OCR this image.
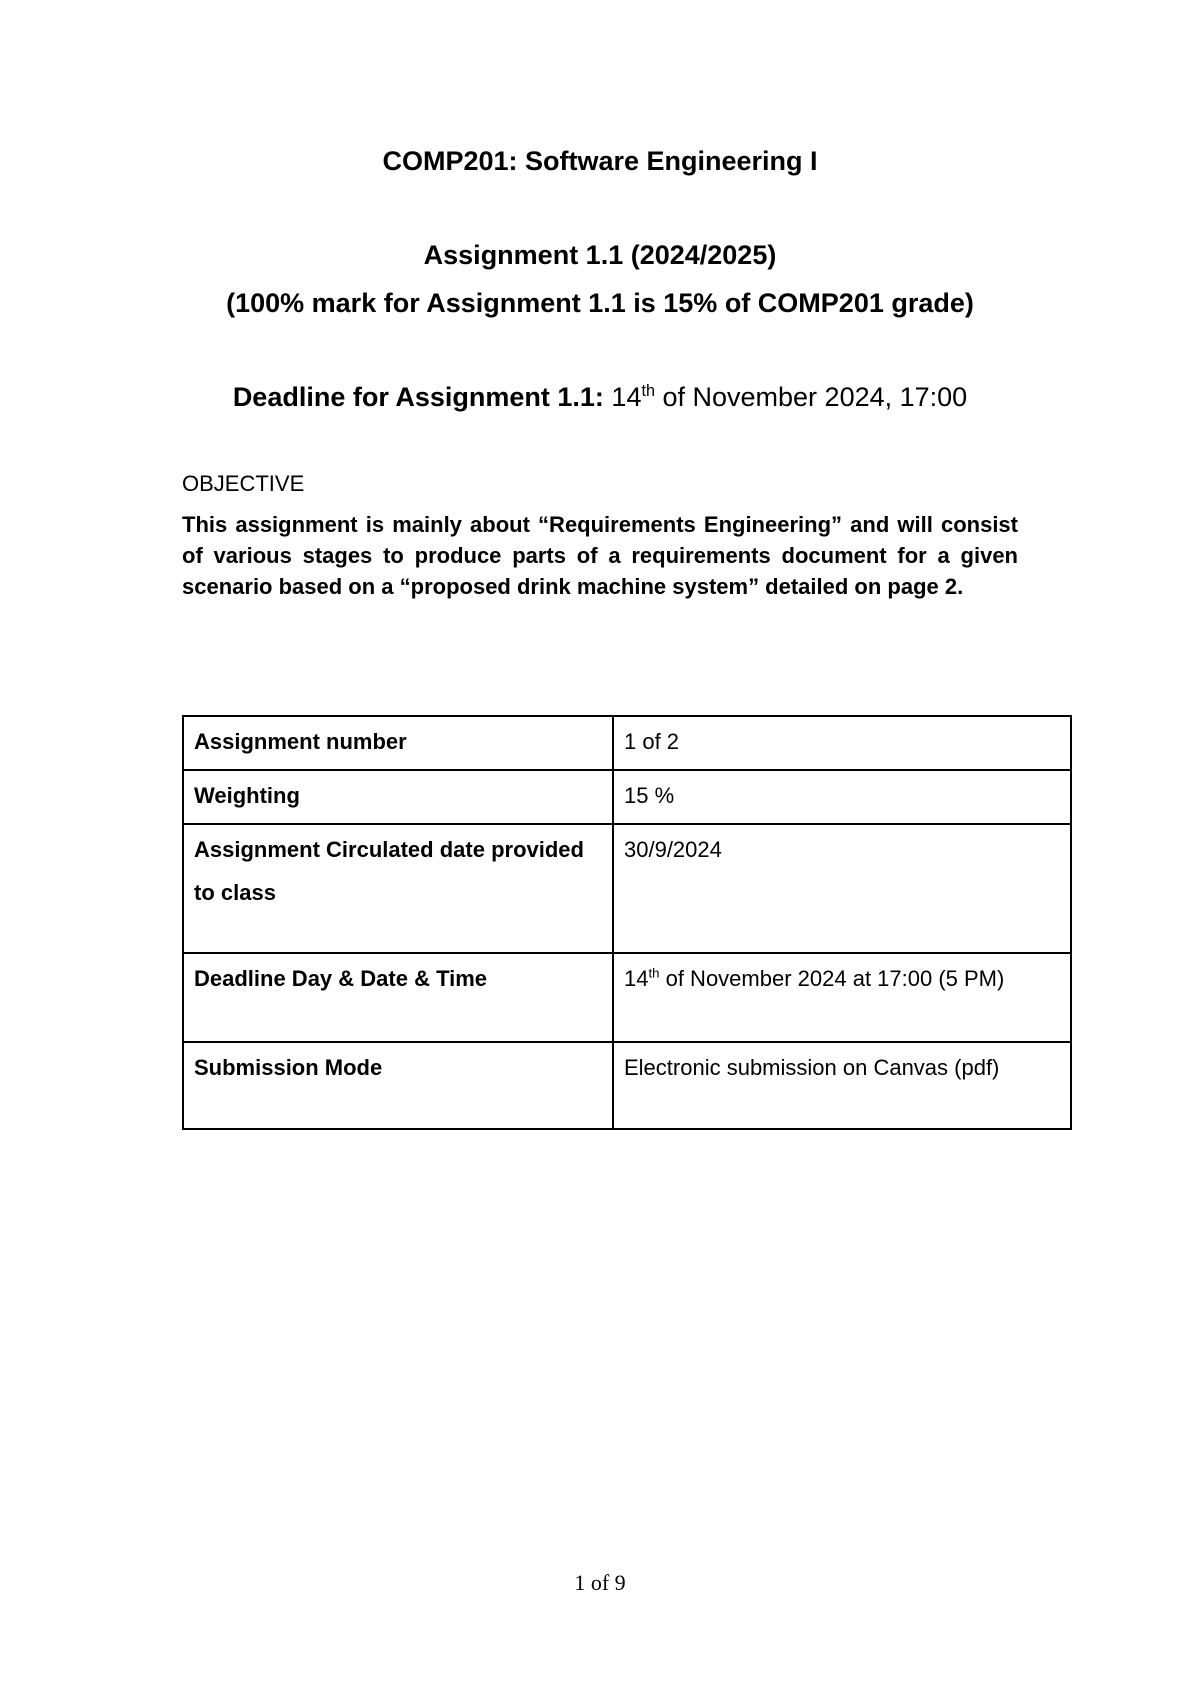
COMP201: Software Engineering I
Assignment 1.1 (2024/2025)
(100% mark for Assignment 1.1 is 15% of COMP201 grade)
Deadline for Assignment 1.1: 14th of November 2024, 17:00
OBJECTIVE
This assignment is mainly about “Requirements Engineering” and will consist of various stages to produce parts of a requirements document for a given scenario based on a “proposed drink machine system” detailed on page 2.
Assignment number	1 of 2
Weighting	15 %
Assignment Circulated date provided to class	30/9/2024
Deadline Day & Date & Time	14th of November 2024 at 17:00 (5 PM)
Submission Mode	Electronic submission on Canvas (pdf)
1 of 9
